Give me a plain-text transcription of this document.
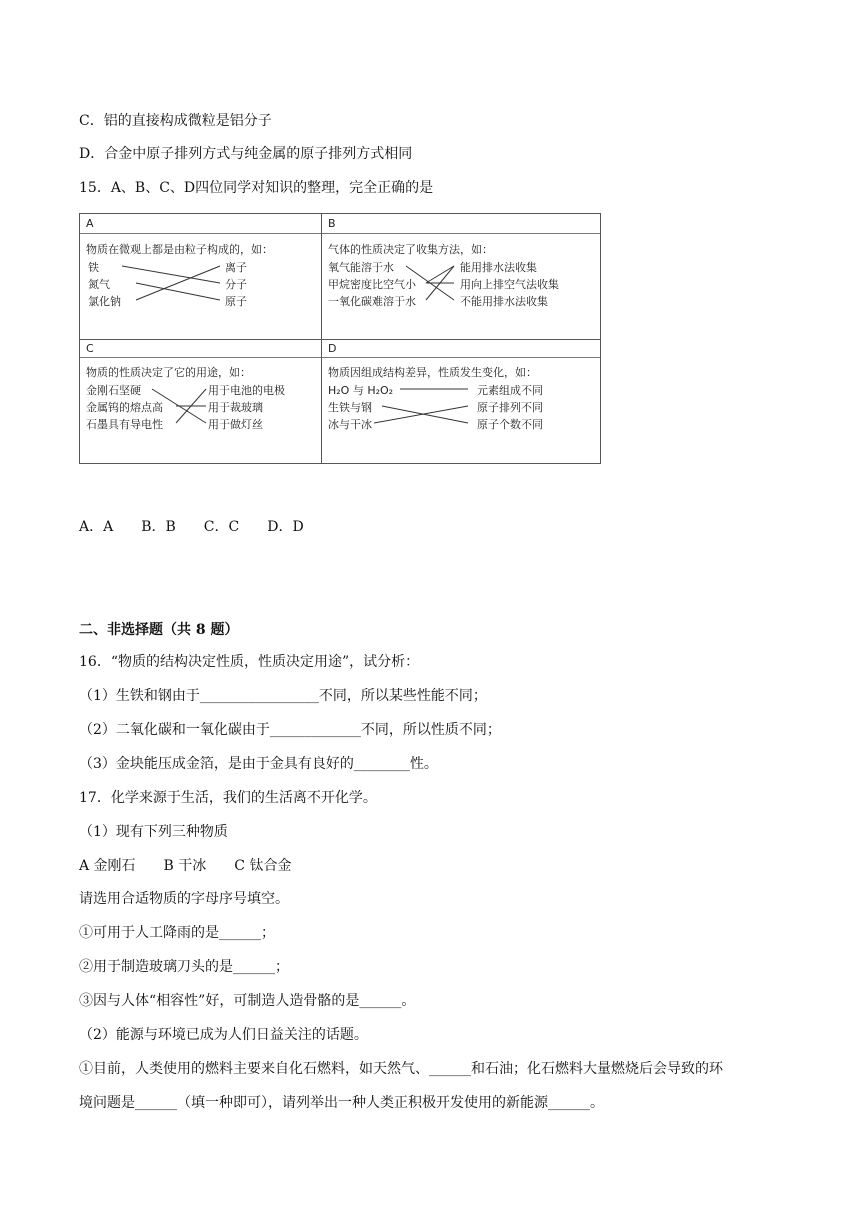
C．铝的直接构成微粒是铝分子
D．合金中原子排列方式与纯金属的原子排列方式相同
15．A、B、C、D四位同学对知识的整理，完全正确的是
A
物质在微观上都是由粒子构成的，如：
铁
氮气
氯化钠
离子
分子
原子
B
气体的性质决定了收集方法，如：
氧气能溶于水
甲烷密度比空气小
一氧化碳难溶于水
能用排水法收集
用向上排空气法收集
不能用排水法收集
C
物质的性质决定了它的用途，如：
金刚石坚硬
金属钨的熔点高
石墨具有导电性
用于电池的电极
用于裁玻璃
用于做灯丝
D
物质因组成结构差异，性质发生变化，如：
H₂O 与 H₂O₂
生铁与钢
冰与干冰
元素组成不同
原子排列不同
原子个数不同
A．A　　B．B　　C．C　　D．D
二、非选择题（共 8 题）
16．“物质的结构决定性质，性质决定用途”，试分析：
（1）生铁和钢由于_________________不同，所以某些性能不同；
（2）二氧化碳和一氧化碳由于_____________不同，所以性质不同；
（3）金块能压成金箔，是由于金具有良好的________性。
17．化学来源于生活，我们的生活离不开化学。
（1）现有下列三种物质
A 金刚石　　B 干冰　　C 钛合金
请选用合适物质的字母序号填空。
①可用于人工降雨的是______；
②用于制造玻璃刀头的是______；
③因与人体“相容性”好，可制造人造骨骼的是______。
（2）能源与环境已成为人们日益关注的话题。
①目前，人类使用的燃料主要来自化石燃料，如天然气、______和石油；化石燃料大量燃烧后会导致的环
境问题是______（填一种即可），请列举出一种人类正积极开发使用的新能源______。
